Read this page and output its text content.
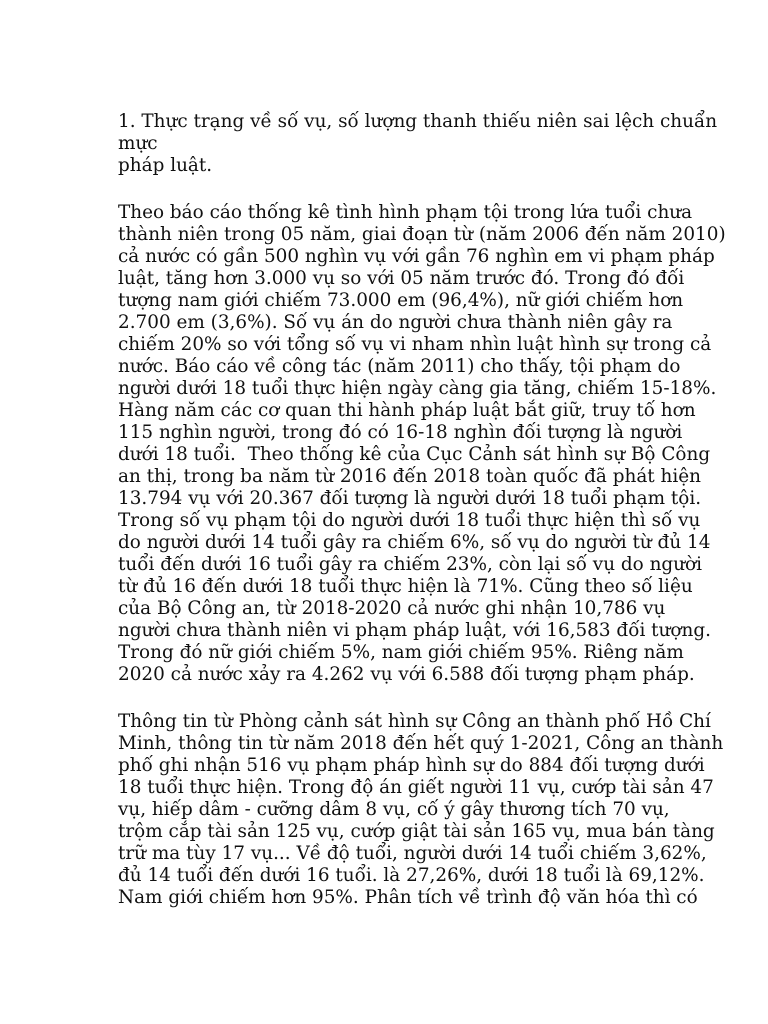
1. Thực trạng về số vụ, số lượng thanh thiếu niên sai lệch chuẩn

mực

pháp luật.

Theo báo cáo thống kê tình hình phạm tội trong lứa tuổi chưa

thành niên trong 05 năm, giai đoạn từ (năm 2006 đến năm 2010)

cả nước có gần 500 nghìn vụ với gần 76 nghìn em vi phạm pháp

luật, tăng hơn 3.000 vụ so với 05 năm trước đó. Trong đó đối

tượng nam giới chiếm 73.000 em (96,4%), nữ giới chiếm hơn

2.700 em (3,6%). Số vụ án do người chưa thành niên gây ra

chiếm 20% so với tổng số vụ vi nham nhìn luật hình sự trong cả

nước. Báo cáo về công tác (năm 2011) cho thấy, tội phạm do

người dưới 18 tuổi thực hiện ngày càng gia tăng, chiếm 15-18%.

Hàng năm các cơ quan thi hành pháp luật bắt giữ, truy tố hơn

115 nghìn người, trong đó có 16-18 nghìn đối tượng là người

dưới 18 tuổi.  Theo thống kê của Cục Cảnh sát hình sự Bộ Công

an thị, trong ba năm từ 2016 đến 2018 toàn quốc đã phát hiện

13.794 vụ với 20.367 đối tượng là người dưới 18 tuổi phạm tội.

Trong số vụ phạm tội do người dưới 18 tuổi thực hiện thì số vụ

do người dưới 14 tuổi gây ra chiếm 6%, số vụ do người từ đủ 14

tuổi đến dưới 16 tuổi gây ra chiếm 23%, còn lại số vụ do người

từ đủ 16 đến dưới 18 tuổi thực hiện là 71%. Cũng theo số liệu

của Bộ Công an, từ 2018-2020 cả nước ghi nhận 10,786 vụ

người chưa thành niên vi phạm pháp luật, với 16,583 đối tượng.

Trong đó nữ giới chiếm 5%, nam giới chiếm 95%. Riêng năm

2020 cả nước xảy ra 4.262 vụ với 6.588 đối tượng phạm pháp.

Thông tin từ Phòng cảnh sát hình sự Công an thành phố Hồ Chí

Minh, thông tin từ năm 2018 đến hết quý 1-2021, Công an thành

phố ghi nhận 516 vụ phạm pháp hình sự do 884 đối tượng dưới

18 tuổi thực hiện. Trong độ án giết người 11 vụ, cướp tài sản 47

vụ, hiếp dâm - cưỡng dâm 8 vụ, cố ý gây thương tích 70 vụ,

trộm cắp tài sản 125 vụ, cướp giật tài sản 165 vụ, mua bán tàng

trữ ma tùy 17 vụ... Về độ tuổi, người dưới 14 tuổi chiếm 3,62%,

đủ 14 tuổi đến dưới 16 tuổi. là 27,26%, dưới 18 tuổi là 69,12%.

Nam giới chiếm hơn 95%. Phân tích về trình độ văn hóa thì có
